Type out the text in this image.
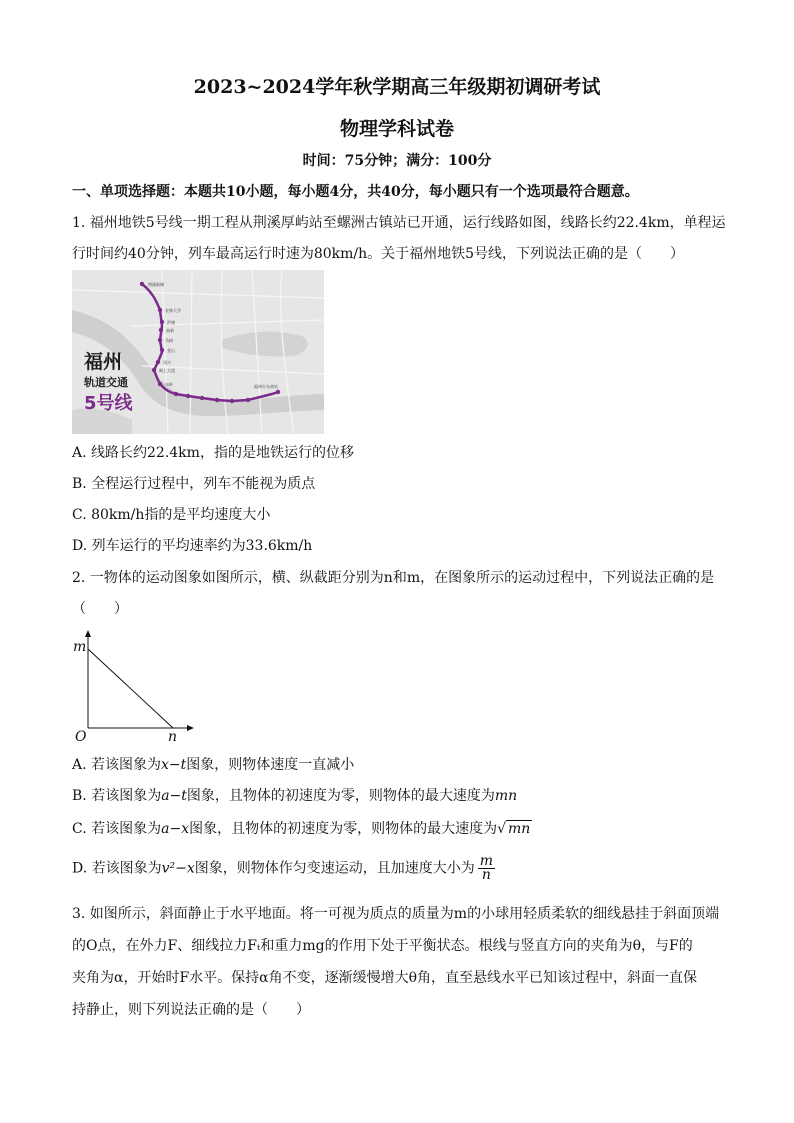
2023~2024学年秋学期高三年级期初调研考试
物理学科试卷
时间：75分钟；满分：100分
一、单项选择题：本题共10小题，每小题4分，共40分，每小题只有一个选项最符合题意。
1. 福州地铁5号线一期工程从荆溪厚屿站至螺洲古镇站已开通，运行线路如图，线路长约22.4km，单程运
行时间约40分钟，列车最高运行时速为80km/h。关于福州地铁5号线，下列说法正确的是（　　）
荆溪新城
农林大学
洪塘
高新
马榕
金山
凤兴
闽上大道
东岭	福州火车南站
福州
轨道交通
5号线
A. 线路长约22.4km，指的是地铁运行的位移
B. 全程运行过程中，列车不能视为质点
C. 80km/h指的是平均速度大小
D. 列车运行的平均速率约为33.6km/h
2. 一物体的运动图象如图所示，横、纵截距分别为n和m，在图象所示的运动过程中，下列说法正确的是
（　　）
m
n
O
A. 若该图象为x−t图象，则物体速度一直减小
B. 若该图象为a−t图象，且物体的初速度为零，则物体的最大速度为mn
C. 若该图象为a−x图象，且物体的初速度为零，则物体的最大速度为√ mn
D. 若该图象为v²−x图象，则物体作匀变速运动，且加速度大小为 $\frac{m}{n}$
3. 如图所示，斜面静止于水平地面。将一可视为质点的质量为m的小球用轻质柔软的细线悬挂于斜面顶端
的O点，在外力F、细线拉力Fₜ和重力mg的作用下处于平衡状态。根线与竖直方向的夹角为θ，与F的
夹角为α，开始时F水平。保持α角不变，逐渐缓慢增大θ角，直至悬线水平已知该过程中，斜面一直保
持静止，则下列说法正确的是（　　）
